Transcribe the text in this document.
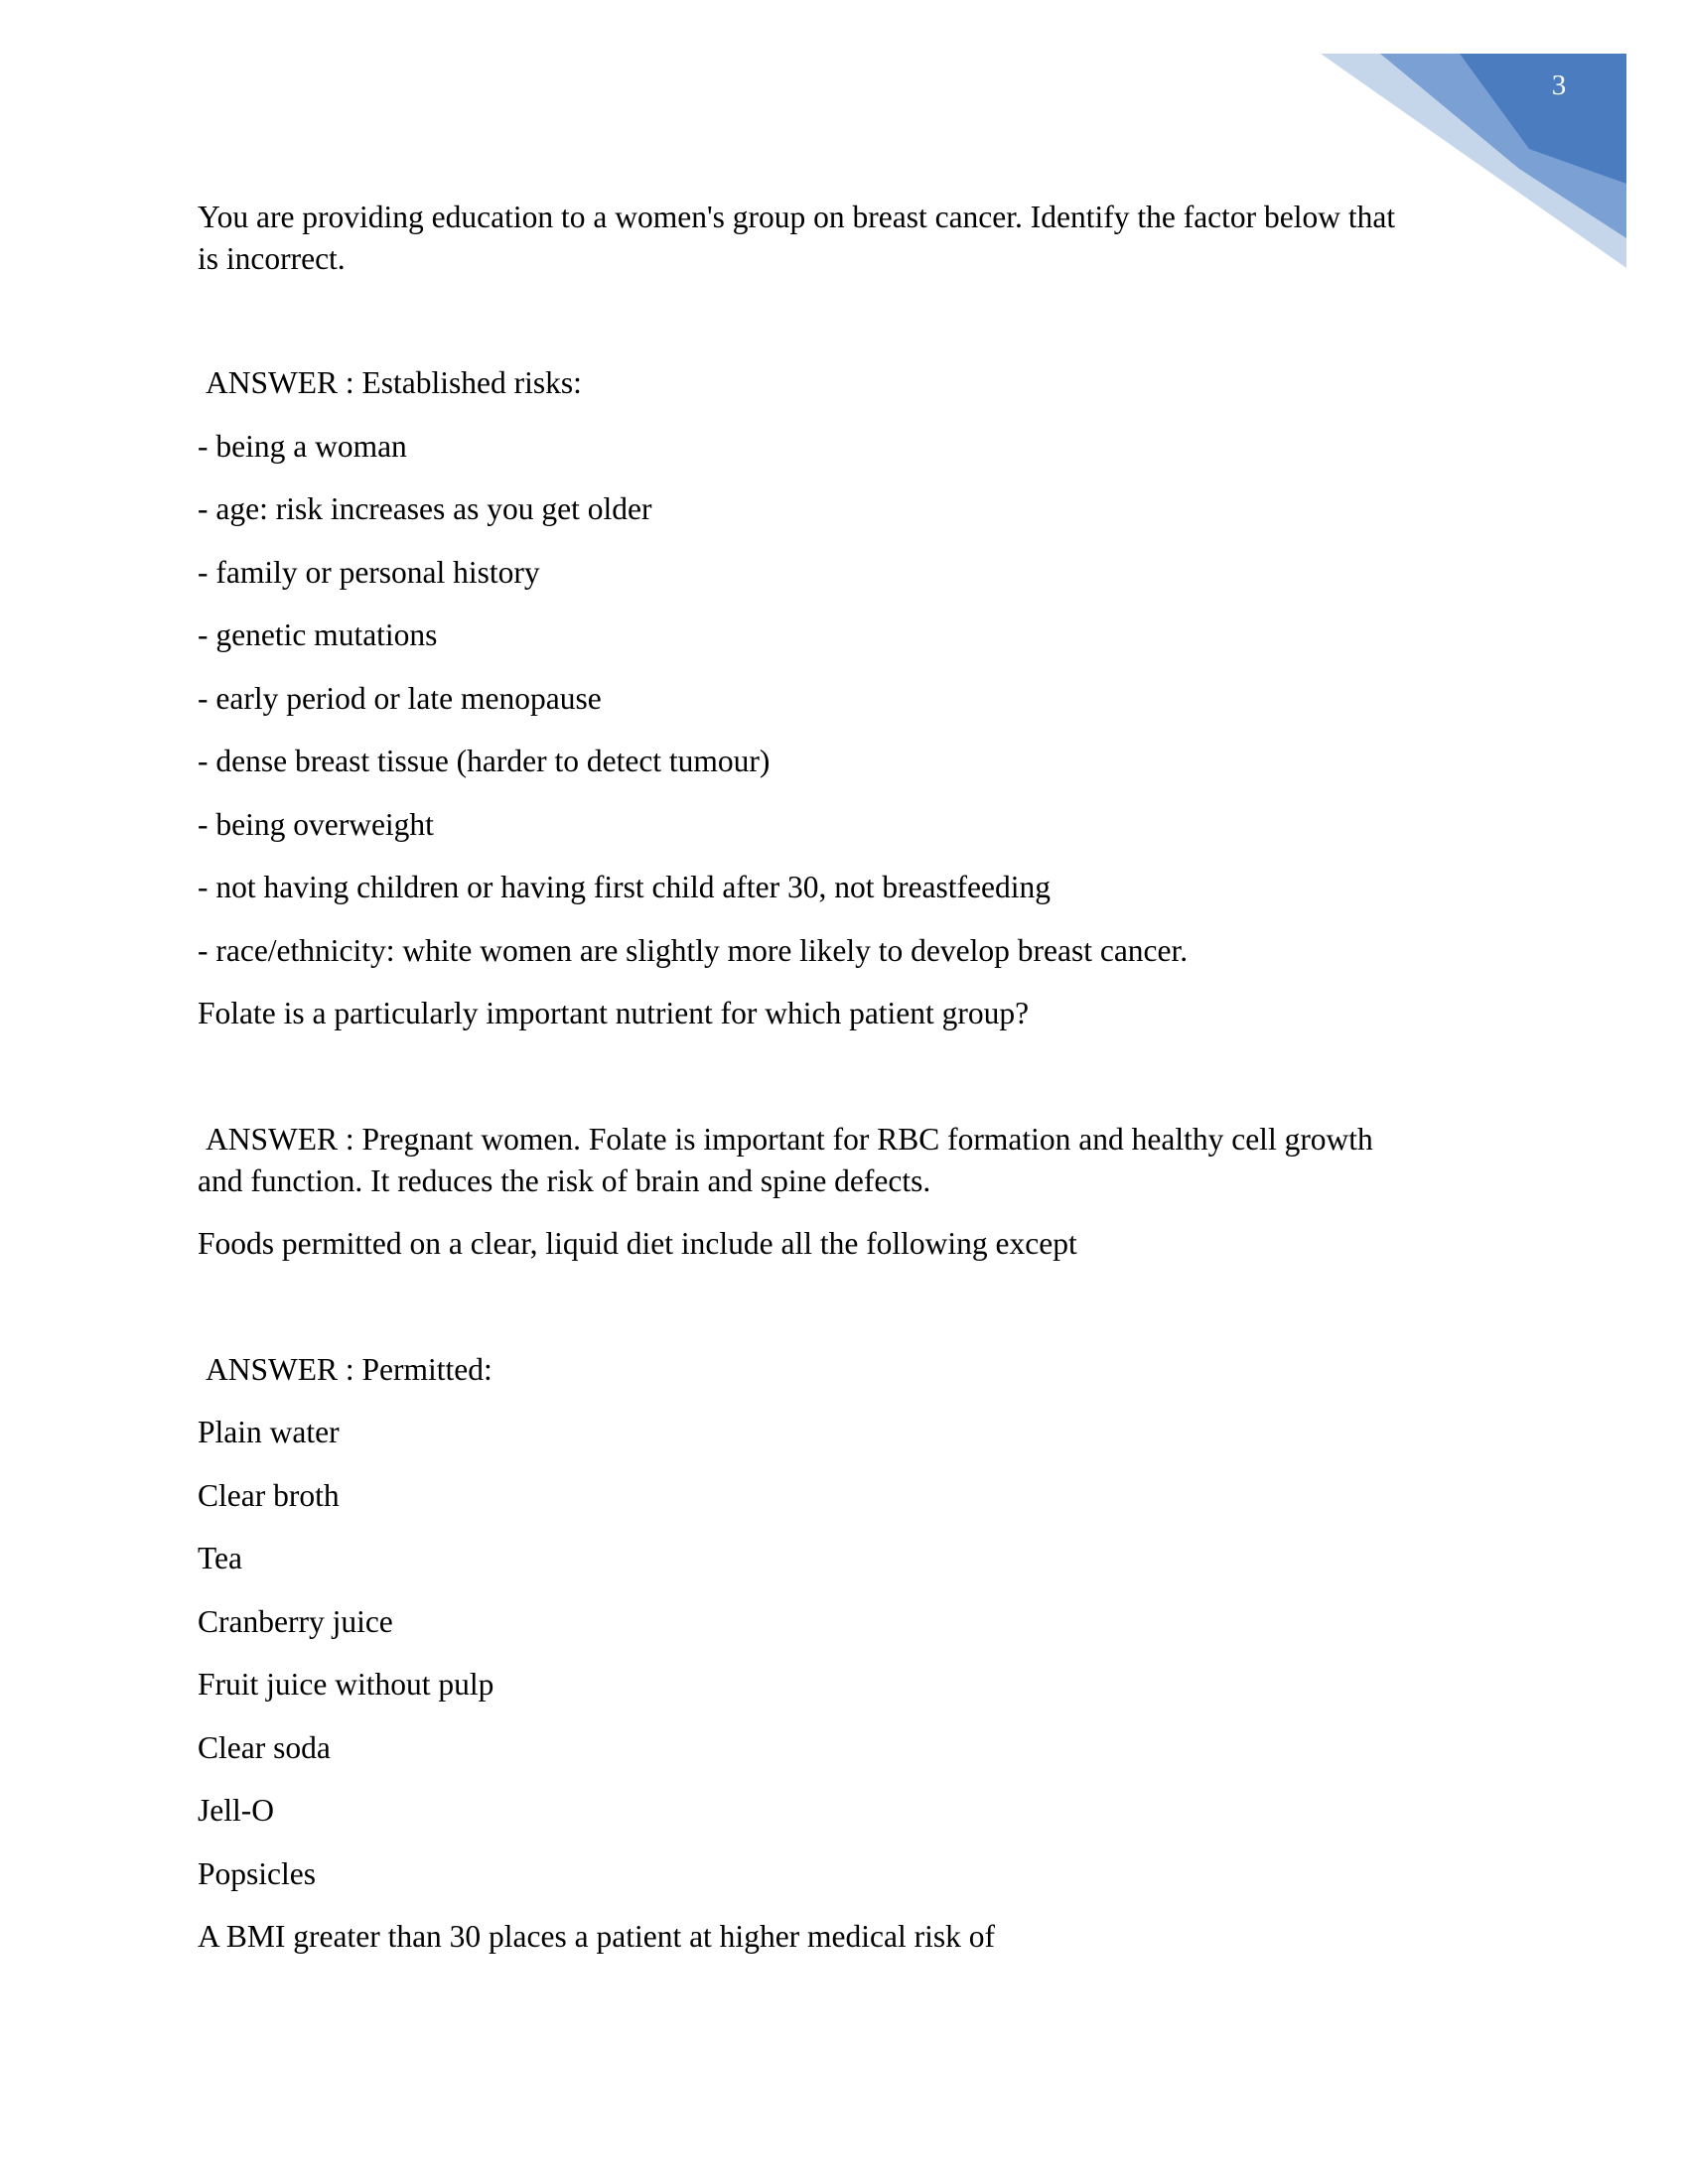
3
You are providing education to a women's group on breast cancer. Identify the factor below that
is incorrect.
ANSWER : Established risks:
- being a woman
- age: risk increases as you get older
- family or personal history
- genetic mutations
- early period or late menopause
- dense breast tissue (harder to detect tumour)
- being overweight
- not having children or having first child after 30, not breastfeeding
- race/ethnicity: white women are slightly more likely to develop breast cancer.
Folate is a particularly important nutrient for which patient group?
ANSWER : Pregnant women. Folate is important for RBC formation and healthy cell growth
and function. It reduces the risk of brain and spine defects.
Foods permitted on a clear, liquid diet include all the following except
ANSWER : Permitted:
Plain water
Clear broth
Tea
Cranberry juice
Fruit juice without pulp
Clear soda
Jell-O
Popsicles
A BMI greater than 30 places a patient at higher medical risk of
